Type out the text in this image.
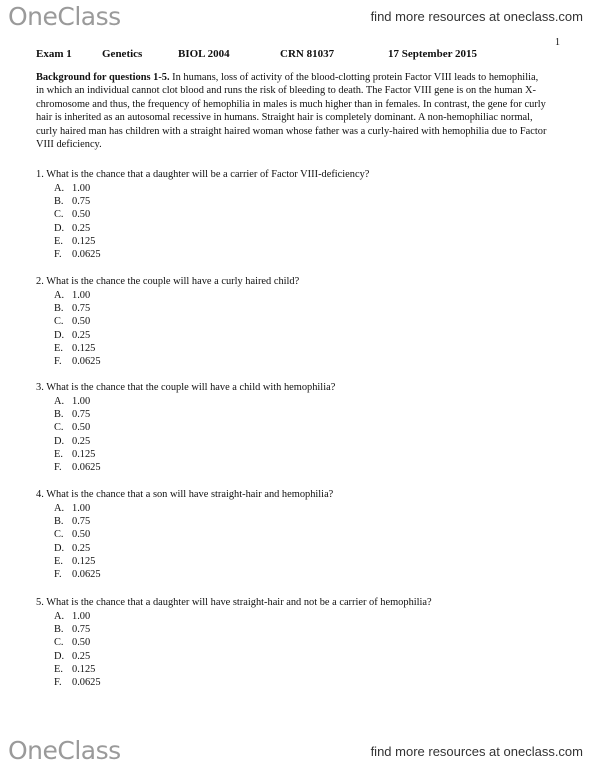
OneClass	find more resources at oneclass.com
1
Exam 1	Genetics	BIOL 2004	CRN 81037	17 September 2015
Background for questions 1-5. In humans, loss of activity of the blood-clotting protein Factor VIII leads to hemophilia, in which an individual cannot clot blood and runs the risk of bleeding to death. The Factor VIII gene is on the human X-chromosome and thus, the frequency of hemophilia in males is much higher than in females. In contrast, the gene for curly hair is inherited as an autosomal recessive in humans. Straight hair is completely dominant. A non-hemophiliac normal, curly haired man has children with a straight haired woman whose father was a curly-haired with hemophilia due to Factor VIII deficiency.
1. What is the chance that a daughter will be a carrier of Factor VIII-deficiency?
A. 1.00
B. 0.75
C. 0.50
D. 0.25
E. 0.125
F. 0.0625
2. What is the chance the couple will have a curly haired child?
A. 1.00
B. 0.75
C. 0.50
D. 0.25
E. 0.125
F. 0.0625
3. What is the chance that the couple will have a child with hemophilia?
A. 1.00
B. 0.75
C. 0.50
D. 0.25
E. 0.125
F. 0.0625
4. What is the chance that a son will have straight-hair and hemophilia?
A. 1.00
B. 0.75
C. 0.50
D. 0.25
E. 0.125
F. 0.0625
5. What is the chance that a daughter will have straight-hair and not be a carrier of hemophilia?
A. 1.00
B. 0.75
C. 0.50
D. 0.25
E. 0.125
F. 0.0625
OneClass	find more resources at oneclass.com
